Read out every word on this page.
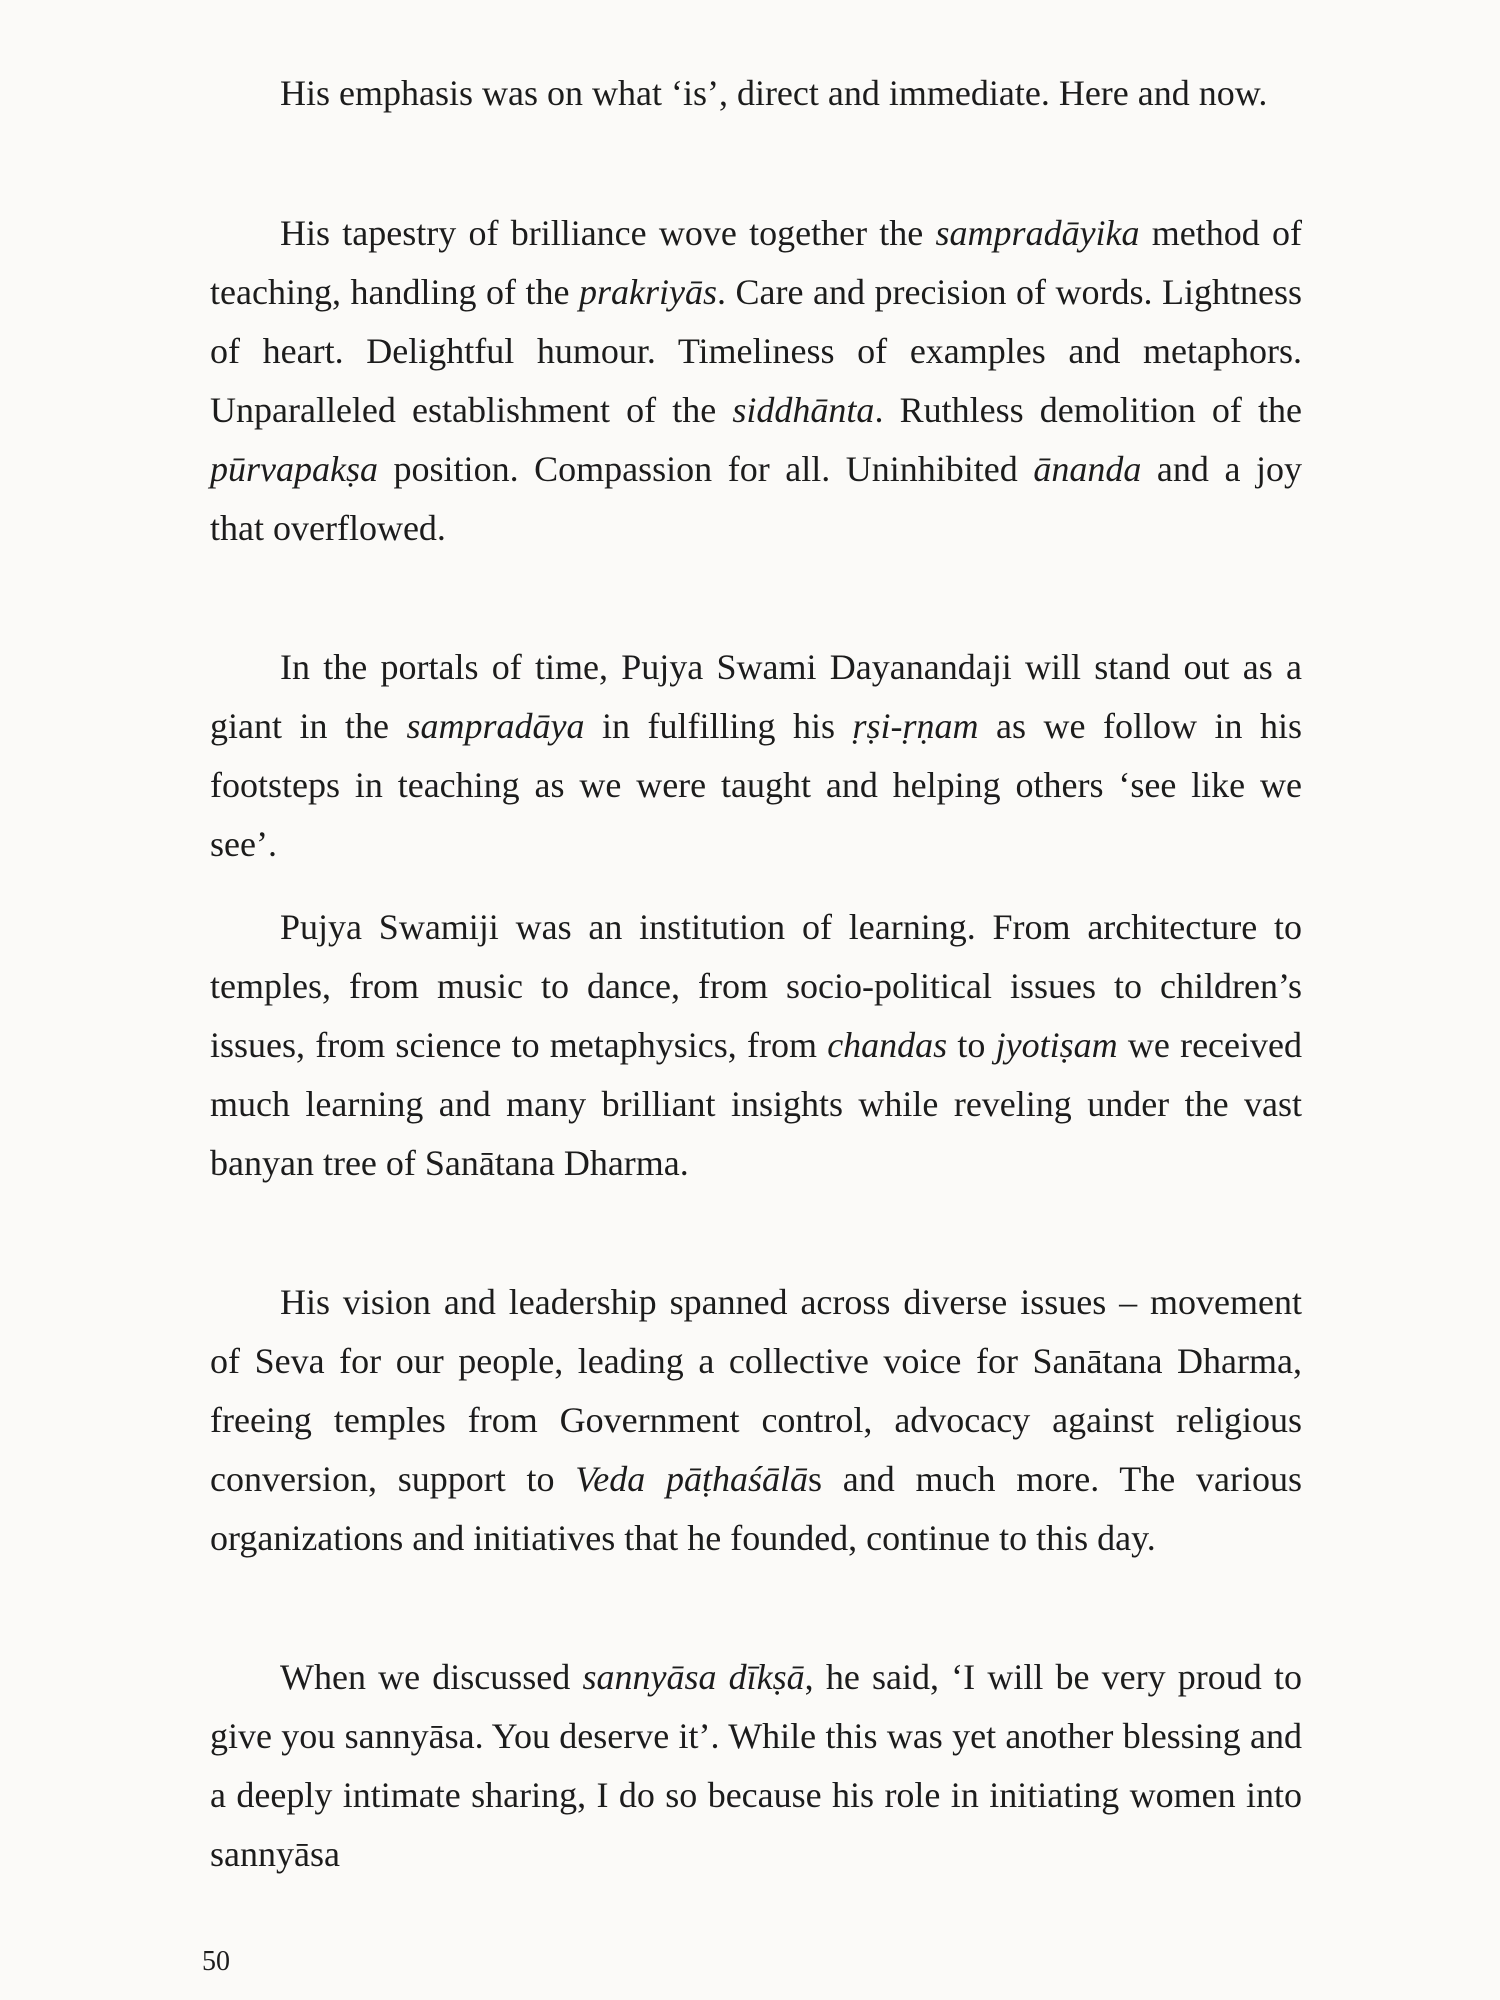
His emphasis was on what ‘is’, direct and immediate. Here and now.

His tapestry of brilliance wove together the sampradāyika method of teaching, handling of the prakriyās. Care and precision of words. Lightness of heart. Delightful humour. Timeliness of examples and metaphors. Unparalleled establishment of the siddhānta. Ruthless demolition of the pūrvapakṣa position. Compassion for all. Uninhibited ānanda and a joy that overflowed.

In the portals of time, Pujya Swami Dayanandaji will stand out as a giant in the sampradāya in fulfilling his ṛṣi-ṛṇam as we follow in his footsteps in teaching as we were taught and helping others ‘see like we see’.

Pujya Swamiji was an institution of learning. From architecture to temples, from music to dance, from socio-political issues to children’s issues, from science to metaphysics, from chandas to jyotiṣam we received much learning and many brilliant insights while reveling under the vast banyan tree of Sanātana Dharma.

His vision and leadership spanned across diverse issues – movement of Seva for our people, leading a collective voice for Sanātana Dharma, freeing temples from Government control, advocacy against religious conversion, support to Veda pāṭhaśālās and much more. The various organizations and initiatives that he founded, continue to this day.

When we discussed sannyāsa dīkṣā, he said, ‘I will be very proud to give you sannyāsa. You deserve it’. While this was yet another blessing and a deeply intimate sharing, I do so because his role in initiating women into sannyāsa

50
